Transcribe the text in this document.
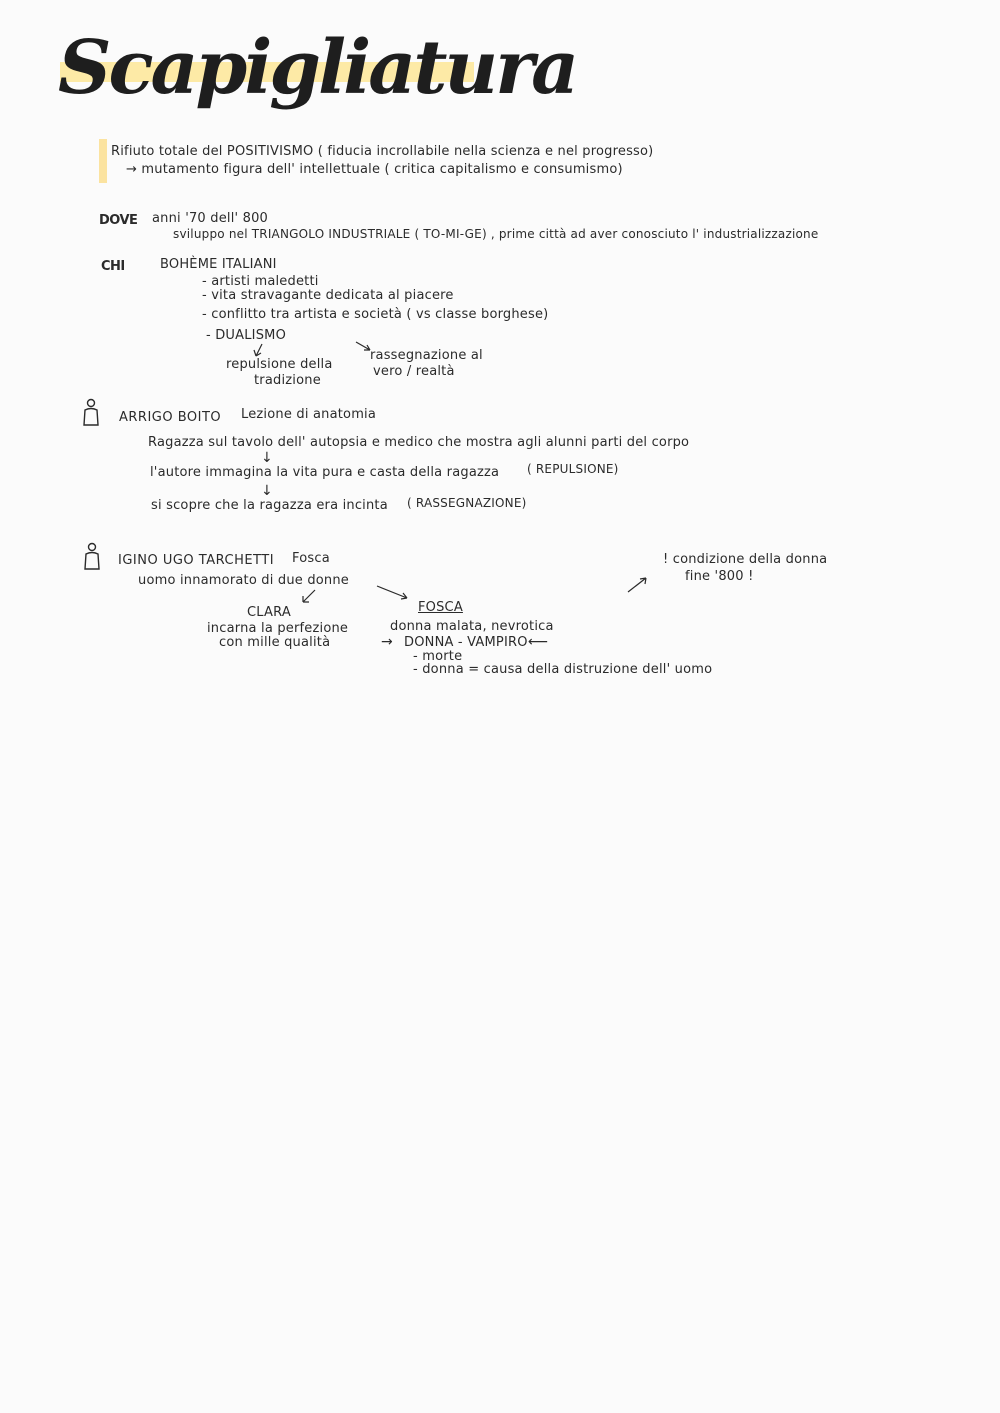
Scapigliatura
Rifiuto totale del POSITIVISMO ( fiducia incrollabile nella scienza e nel progresso)
→ mutamento figura dell' intellettuale ( critica capitalismo e consumismo)
DOVE anni '70 dell' 800
sviluppo nel TRIANGOLO INDUSTRIALE ( TO-MI-GE) , prime città ad aver conosciuto l' industrializzazione
CHI	BOHÈME ITALIANI
- artisti maledetti
- vita stravagante dedicata al piacere
- conflitto tra artista e società ( vs classe borghese)
- DUALISMO
repulsione della
tradizione
rassegnazione al
vero / realtà
ARRIGO BOITO Lezione di anatomia
Ragazza sul tavolo dell' autopsia e medico che mostra agli alunni parti del corpo
↓
l'autore immagina la vita pura e casta della ragazza ( REPULSIONE)
↓
si scopre che la ragazza era incinta ( RASSEGNAZIONE)
IGINO UGO TARCHETTI Fosca
uomo innamorato di due donne
CLARA
incarna la perfezione
con mille qualità
FOSCA
donna malata, nevrotica
→ DONNA - VAMPIRO ⟵
- morte
- donna = causa della distruzione dell' uomo
! condizione della donna
fine '800 !
